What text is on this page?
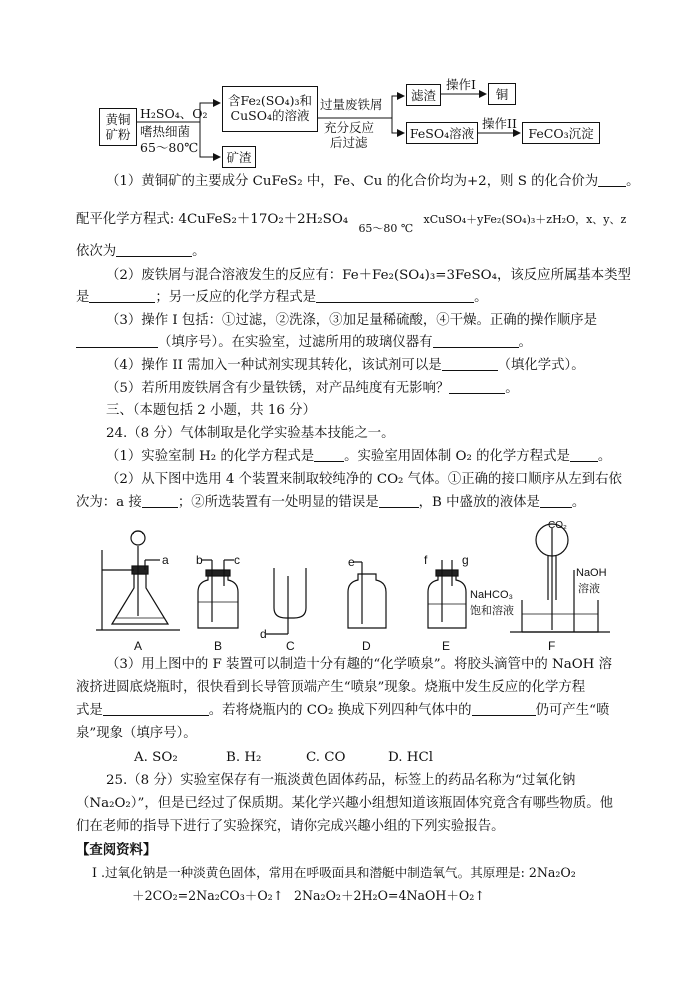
黄铜
矿粉
H₂SO₄、O₂
嗜热细菌
65～80℃
含Fe₂(SO₄)₃和
CuSO₄的溶液
矿渣
过量废铁屑
充分反应
后过滤
滤渣
操作I
铜
FeSO₄溶液
操作II
FeCO₃沉淀
（1）黄铜矿的主要成分 CuFeS₂ 中，Fe、Cu 的化合价均为+2，则 S 的化合价为 。
配平化学方程式: 4CuFeS₂＋17O₂＋2H₂SO₄ $_{65\sim 80 ℃}$ xCuSO₄＋yFe₂(SO₄)₃＋zH₂O，x、y、z
依次为	。
（2）废铁屑与混合溶液发生的反应有：Fe＋Fe₂(SO₄)₃=3FeSO₄，该反应所属基本类型
是	；另一反应的化学方程式是	。
（3）操作 I 包括：①过滤，②洗涤，③加足量稀硫酸，④干燥。正确的操作顺序是
（填序号）。在实验室，过滤所用的玻璃仪器有	。
（4）操作 II 需加入一种试剂实现其转化，该试剂可以是	（填化学式）。
（5）若所用废铁屑含有少量铁锈，对产品纯度有无影响？	。
三、（本题包括 2 小题，共 16 分）
24.（8 分）气体制取是化学实验基本技能之一。
（1）实验室制 H₂ 的化学方程式是 。实验室用固体制 O₂ 的化学方程式是 。
（2）从下图中选用 4 个装置来制取较纯净的 CO₂ 气体。①正确的接口顺序从左到右依
次为：a 接	；②所选装置有一处明显的错误是	，B 中盛放的液体是 。
A	B	C	D	E	F
a b	c
d
e	f	g
NaHCO₃
饱和溶液
CO₂
NaOH
溶液
（3）用上图中的 F 装置可以制造十分有趣的“化学喷泉”。将胶头滴管中的 NaOH 溶
液挤进圆底烧瓶时，很快看到长导管顶端产生“喷泉”现象。烧瓶中发生反应的化学方程
式是	。若将烧瓶内的 CO₂ 换成下列四种气体中的	仍可产生“喷
泉”现象（填序号）。
A. SO₂	B. H₂	C. CO	D. HCl
25.（8 分）实验室保存有一瓶淡黄色固体药品，标签上的药品名称为“过氧化钠
（Na₂O₂）”，但是已经过了保质期。某化学兴趣小组想知道该瓶固体究竟含有哪些物质。他
们在老师的指导下进行了实验探究，请你完成兴趣小组的下列实验报告。
【查阅资料】
I .过氧化钠是一种淡黄色固体，常用在呼吸面具和潜艇中制造氧气。其原理是: 2Na₂O₂
＋2CO₂=2Na₂CO₃＋O₂↑ 2Na₂O₂＋2H₂O=4NaOH＋O₂↑
